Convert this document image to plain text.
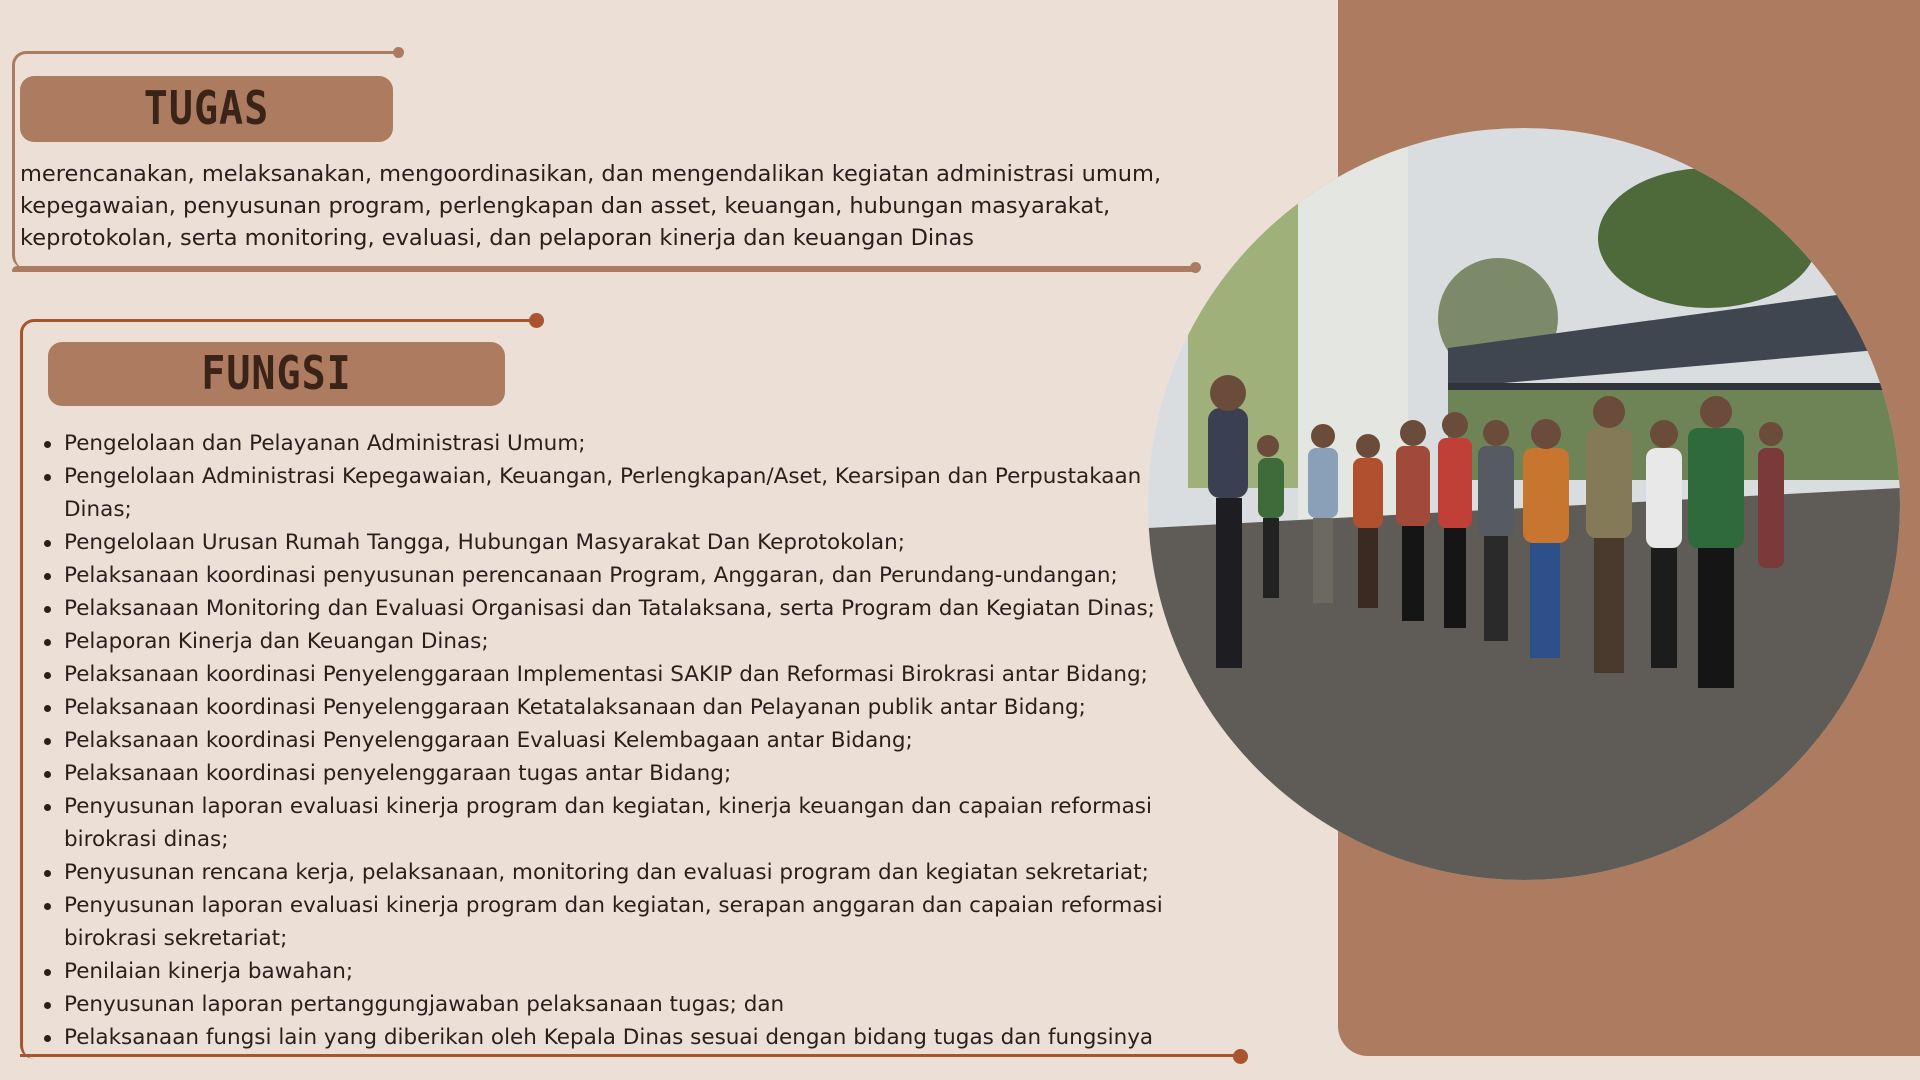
TUGAS
merencanakan, melaksanakan, mengoordinasikan, dan mengendalikan kegiatan administrasi umum, kepegawaian, penyusunan program, perlengkapan dan asset, keuangan, hubungan masyarakat, keprotokolan, serta monitoring, evaluasi, dan pelaporan kinerja dan keuangan Dinas
FUNGSI
Pengelolaan dan Pelayanan Administrasi Umum;
Pengelolaan Administrasi Kepegawaian, Keuangan, Perlengkapan/Aset, Kearsipan dan Perpustakaan Dinas;
Pengelolaan Urusan Rumah Tangga, Hubungan Masyarakat Dan Keprotokolan;
Pelaksanaan koordinasi penyusunan perencanaan Program, Anggaran, dan Perundang-undangan;
Pelaksanaan Monitoring dan Evaluasi Organisasi dan Tatalaksana, serta Program dan Kegiatan Dinas;
Pelaporan Kinerja dan Keuangan Dinas;
Pelaksanaan koordinasi Penyelenggaraan Implementasi SAKIP dan Reformasi Birokrasi antar Bidang;
Pelaksanaan koordinasi Penyelenggaraan Ketatalaksanaan dan Pelayanan publik antar Bidang;
Pelaksanaan koordinasi Penyelenggaraan Evaluasi Kelembagaan antar Bidang;
Pelaksanaan koordinasi penyelenggaraan tugas antar Bidang;
Penyusunan laporan evaluasi kinerja program dan kegiatan, kinerja keuangan dan capaian reformasi birokrasi dinas;
Penyusunan rencana kerja, pelaksanaan, monitoring dan evaluasi program dan kegiatan sekretariat;
Penyusunan laporan evaluasi kinerja program dan kegiatan, serapan anggaran dan capaian reformasi birokrasi sekretariat;
Penilaian kinerja bawahan;
Penyusunan laporan pertanggungjawaban pelaksanaan tugas; dan
Pelaksanaan fungsi lain yang diberikan oleh Kepala Dinas sesuai dengan bidang tugas dan fungsinya
